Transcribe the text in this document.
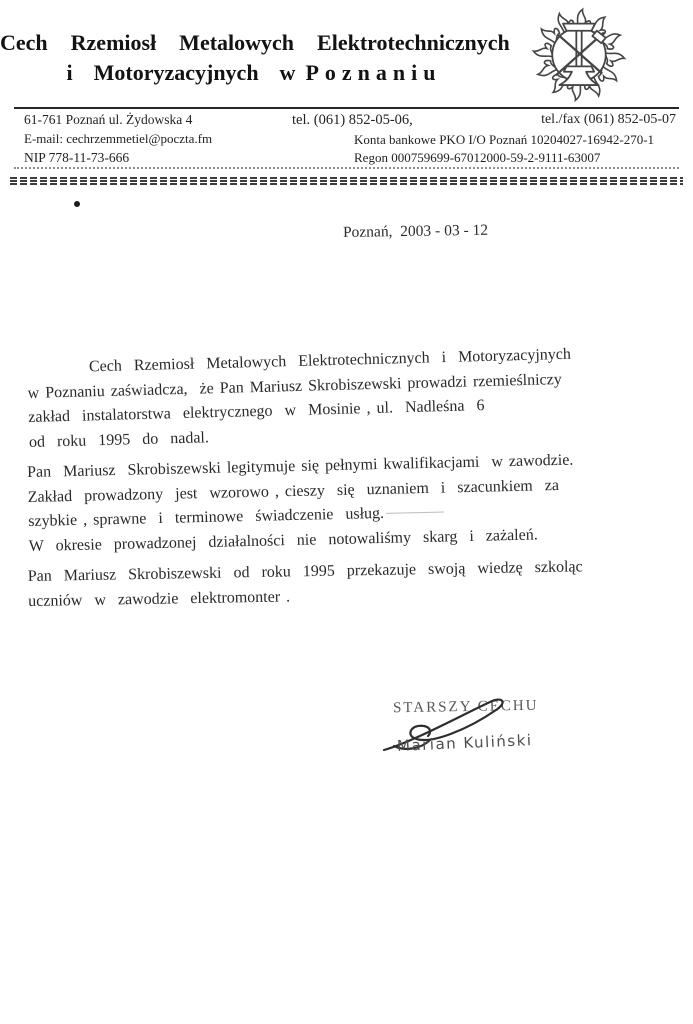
Cech  Rzemiosł  Metalowych  Elektrotechnicznych
i  Motoryzacyjnych  w Poznaniu
61-761 Poznań ul. Żydowska 4
E-mail: cechrzemmetiel@poczta.fm
NIP 778-11-73-666
tel. (061) 852-05-06,	tel./fax (061) 852-05-07
Konta bankowe PKO I/O Poznań 10204027-16942-270-1
Regon 000759699-67012000-59-2-9111-63007
Poznań,  2003 - 03 - 12
Cech  Rzemiosł  Metalowych  Elektrotechnicznych  i  Motoryzacyjnych
w Poznaniu zaświadcza,  że Pan Mariusz Skrobiszewski prowadzi rzemieślniczy
zakład  instalatorstwa  elektrycznego  w  Mosinie , ul.  Nadleśna  6
od  roku  1995  do  nadal.
Pan  Mariusz  Skrobiszewski legitymuje się pełnymi kwalifikacjami  w zawodzie.
Zakład  prowadzony  jest  wzorowo , cieszy  się  uznaniem  i  szacunkiem  za
szybkie , sprawne  i  terminowe  świadczenie  usług.
W  okresie  prowadzonej  działalności  nie  notowaliśmy  skarg  i  zażaleń.
Pan  Mariusz  Skrobiszewski  od  roku  1995  przekazuje  swoją  wiedzę  szkoląc
uczniów  w  zawodzie  elektromonter .
STARSZY CECHU
Marian Kuliński
